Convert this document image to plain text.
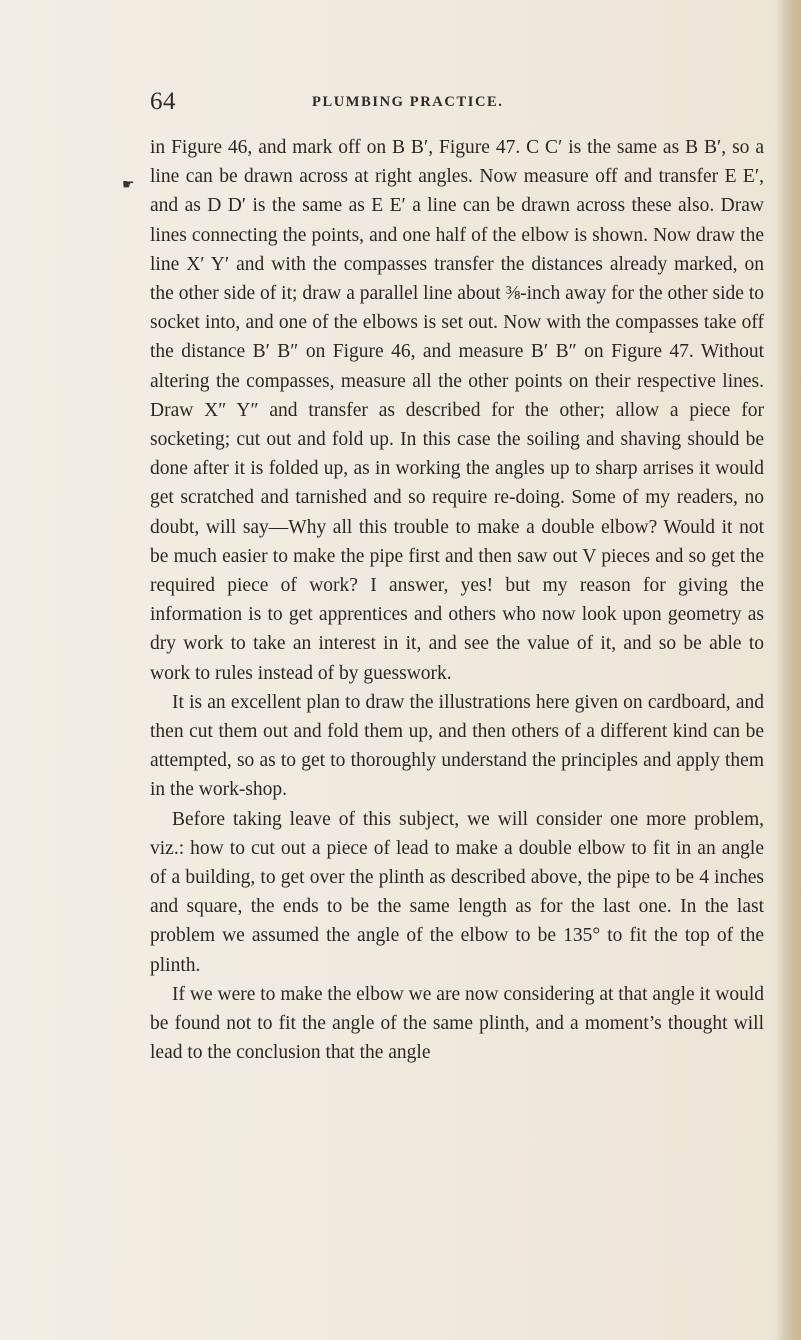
64	PLUMBING PRACTICE.
☛

in Figure 46, and mark off on B B′, Figure 47. C C′ is the same as B B′, so a line can be drawn across at right angles. Now measure off and transfer E E′, and as D D′ is the same as E E′ a line can be drawn across these also. Draw lines connecting the points, and one half of the elbow is shown. Now draw the line X′ Y′ and with the compasses transfer the distances already marked, on the other side of it; draw a parallel line about ⅜-inch away for the other side to socket into, and one of the elbows is set out. Now with the compasses take off the distance B′ B″ on Figure 46, and measure B′ B″ on Figure 47. Without altering the compasses, measure all the other points on their respective lines. Draw X″ Y″ and transfer as described for the other; allow a piece for socketing; cut out and fold up. In this case the soiling and shaving should be done after it is folded up, as in working the angles up to sharp arrises it would get scratched and tarnished and so require re-doing. Some of my readers, no doubt, will say—Why all this trouble to make a double elbow? Would it not be much easier to make the pipe first and then saw out V pieces and so get the required piece of work? I answer, yes! but my reason for giving the information is to get apprentices and others who now look upon geometry as dry work to take an interest in it, and see the value of it, and so be able to work to rules instead of by guesswork.

It is an excellent plan to draw the illustrations here given on cardboard, and then cut them out and fold them up, and then others of a different kind can be attempted, so as to get to thoroughly understand the principles and apply them in the work-shop.

Before taking leave of this subject, we will consider one more problem, viz.: how to cut out a piece of lead to make a double elbow to fit in an angle of a building, to get over the plinth as described above, the pipe to be 4 inches and square, the ends to be the same length as for the last one. In the last problem we assumed the angle of the elbow to be 135° to fit the top of the plinth.

If we were to make the elbow we are now considering at that angle it would be found not to fit the angle of the same plinth, and a moment’s thought will lead to the conclusion that the angle
